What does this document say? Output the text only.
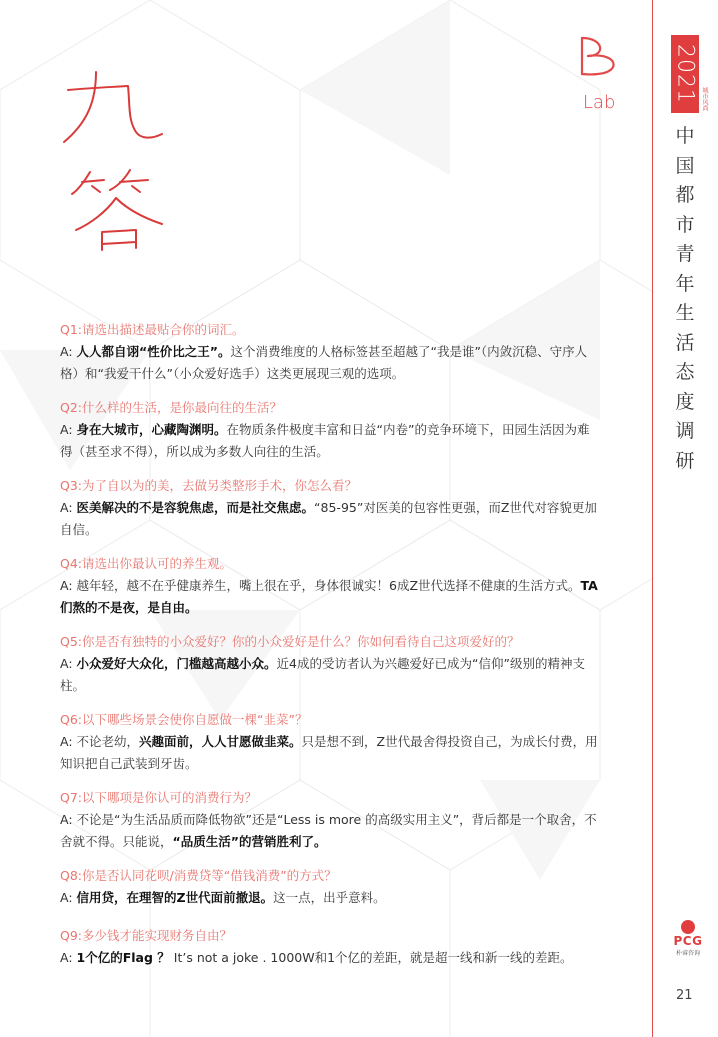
2021 城市风尚
中国都市青年生活态度调研
Lab
Q1:请选出描述最贴合你的词汇。
A: 人人都自诩“性价比之王”。这个消费维度的人格标签甚至超越了“我是谁”（内敛沉稳、守序人格）和“我爱干什么”（小众爱好选手）这类更展现三观的选项。
Q2:什么样的生活，是你最向往的生活？
A: 身在大城市，心藏陶渊明。在物质条件极度丰富和日益“内卷”的竞争环境下，田园生活因为难得（甚至求不得），所以成为多数人向往的生活。
Q3:为了自以为的美，去做另类整形手术，你怎么看？
A: 医美解决的不是容貌焦虑，而是社交焦虑。“85-95”对医美的包容性更强，而Z世代对容貌更加自信。
Q4:请选出你最认可的养生观。
A: 越年轻，越不在乎健康养生，嘴上很在乎，身体很诚实！6成Z世代选择不健康的生活方式。TA们熬的不是夜，是自由。
Q5:你是否有独特的小众爱好？你的小众爱好是什么？你如何看待自己这项爱好的？
A: 小众爱好大众化，门槛越高越小众。近4成的受访者认为兴趣爱好已成为“信仰”级别的精神支柱。
Q6:以下哪些场景会使你自愿做一棵“韭菜”？
A: 不论老幼，兴趣面前，人人甘愿做韭菜。只是想不到，Z世代最舍得投资自己，为成长付费，用知识把自己武装到牙齿。
Q7:以下哪项是你认可的消费行为？
A: 不论是“为生活品质而降低物欲”还是“Less is more 的高级实用主义”，背后都是一个取舍，不舍就不得。只能说，“品质生活”的营销胜利了。
Q8:你是否认同花呗/消费贷等“借钱消费”的方式？
A: 信用贷，在理智的Z世代面前撤退。这一点，出乎意料。
Q9:多少钱才能实现财务自由？
A: 1个亿的Flag ？ It’s not a joke . 1000W和1个亿的差距，就是超一线和新一线的差距。
PCG
朴睿咨询
21
